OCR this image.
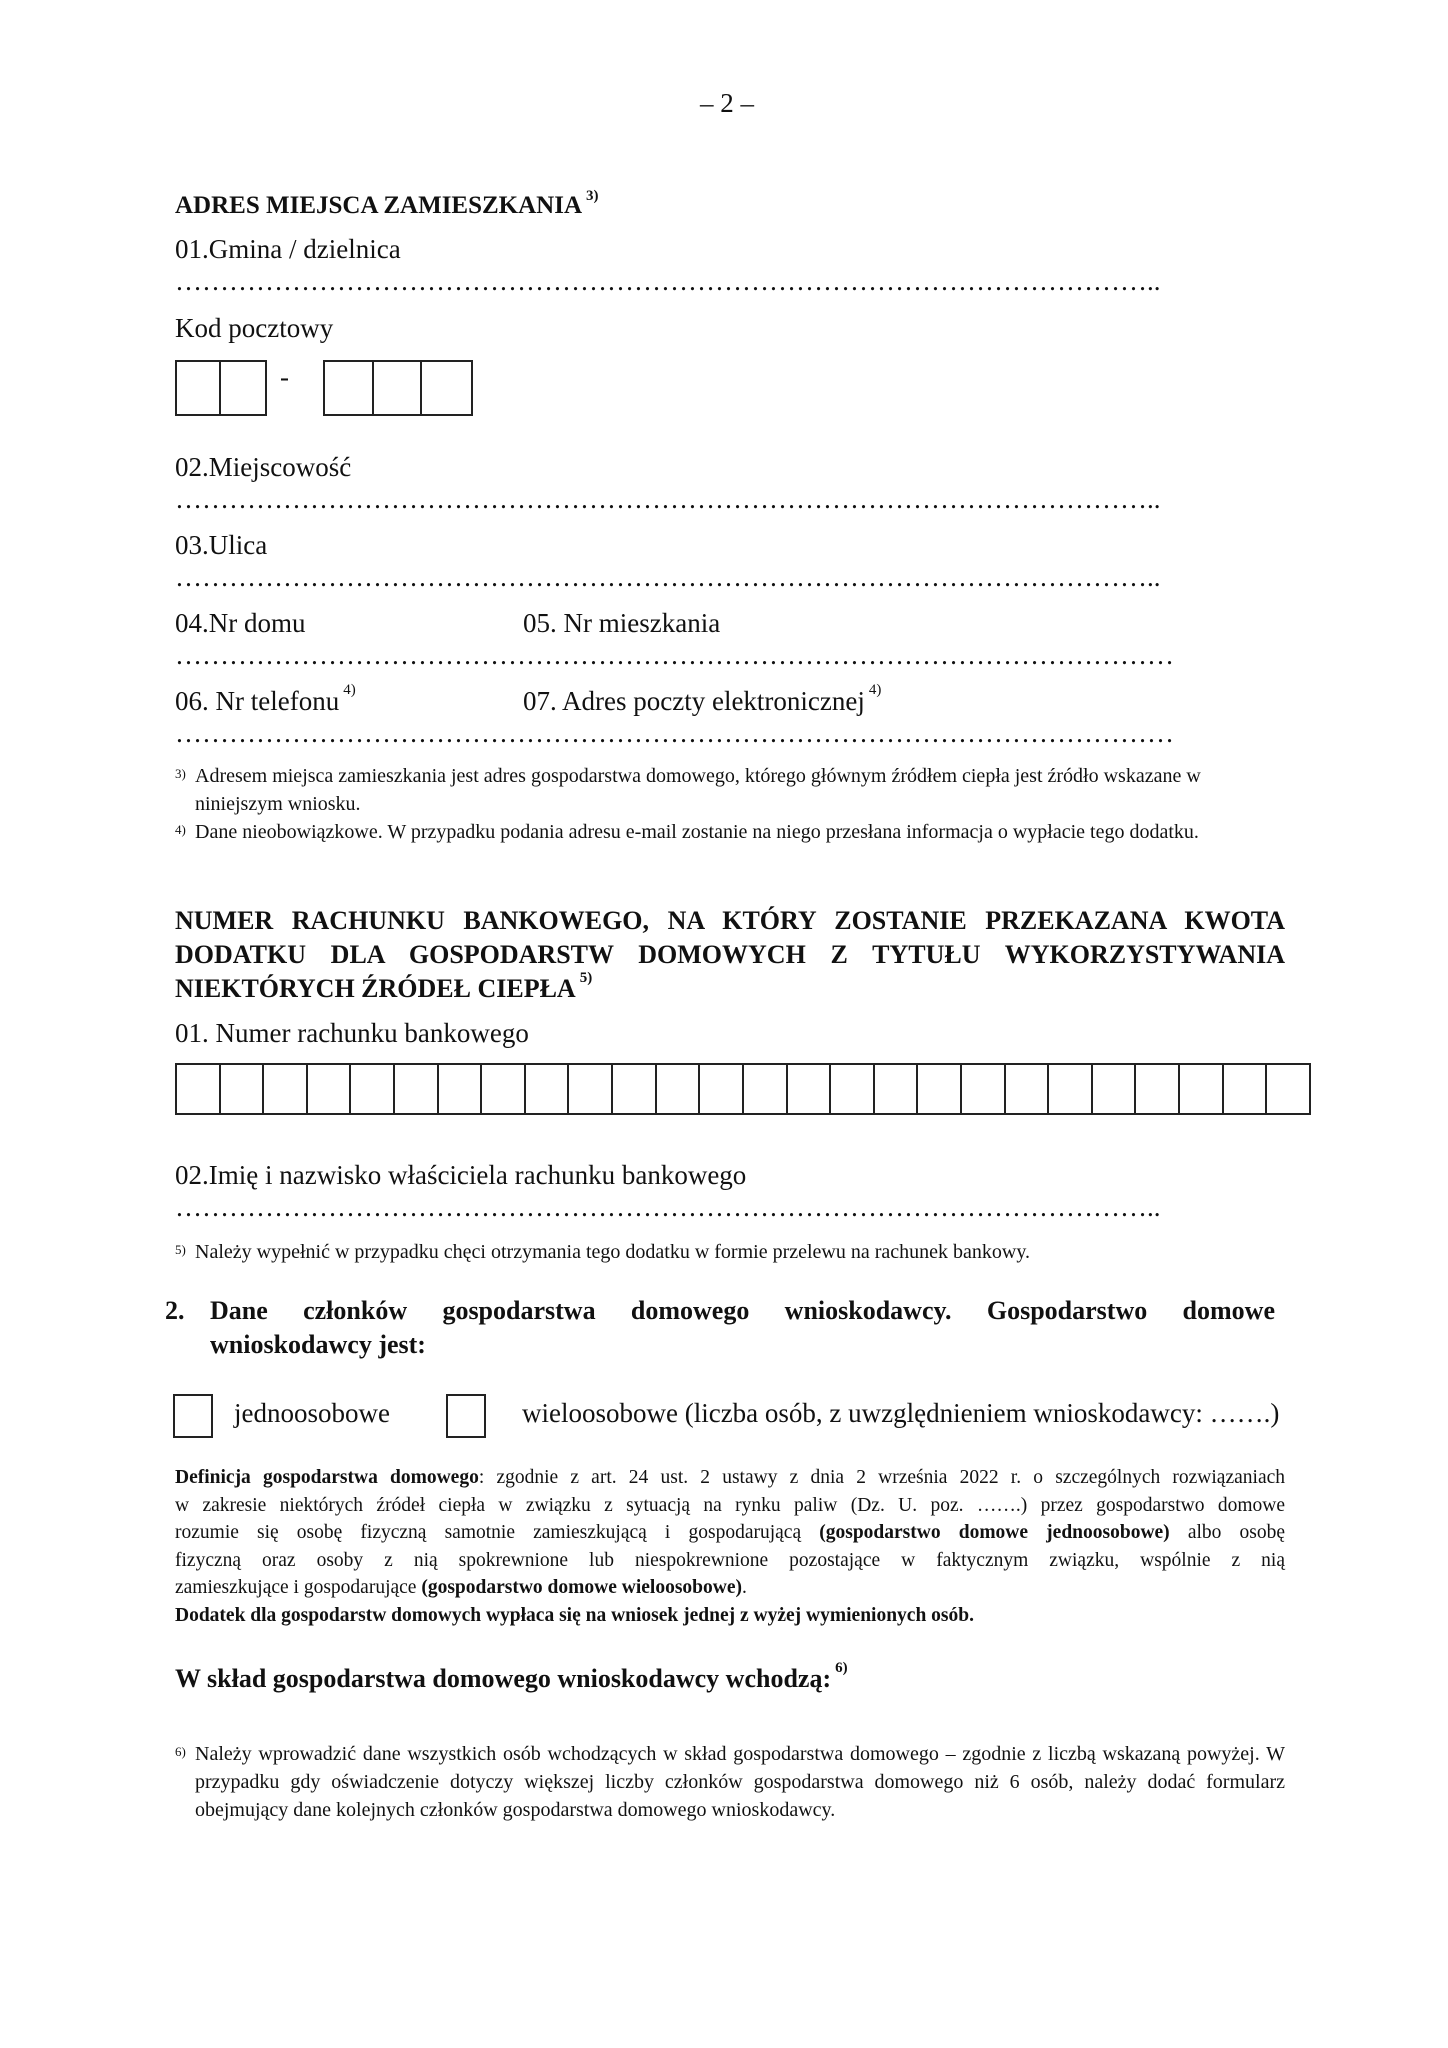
– 2 –
ADRES MIEJSCA ZAMIESZKANIA $^{3)}$
01.Gmina / dzielnica
………………………………………………………………………………………………..
Kod pocztowy
-
02.Miejscowość
………………………………………………………………………………………………..
03.Ulica
………………………………………………………………………………………………..
04.Nr domu	05. Nr mieszkania
…………………………………………………………………………………………………
06. Nr telefonu $^{4)}$	07. Adres poczty elektronicznej $^{4)}$
…………………………………………………………………………………………………
3) Adresem miejsca zamieszkania jest adres gospodarstwa domowego, którego głównym źródłem ciepła jest źródło wskazane w niniejszym wniosku.
4) Dane nieobowiązkowe. W przypadku podania adresu e-mail zostanie na niego przesłana informacja o wypłacie tego dodatku.
NUMER RACHUNKU BANKOWEGO, NA KTÓRY ZOSTANIE PRZEKAZANA KWOTA
DODATKU DLA GOSPODARSTW DOMOWYCH Z TYTUŁU WYKORZYSTYWANIA
NIEKTÓRYCH ŹRÓDEŁ CIEPŁA $^{5)}$
01. Numer rachunku bankowego
02.Imię i nazwisko właściciela rachunku bankowego
………………………………………………………………………………………………..
5) Należy wypełnić w przypadku chęci otrzymania tego dodatku w formie przelewu na rachunek bankowy.
2. Dane członków gospodarstwa domowego wnioskodawcy. Gospodarstwo domowe
wnioskodawcy jest:
jednoosobowe	wieloosobowe (liczba osób, z uwzględnieniem wnioskodawcy: …….)
Definicja gospodarstwa domowego: zgodnie z art. 24 ust. 2 ustawy z dnia 2 września 2022 r. o szczególnych rozwiązaniach
w zakresie niektórych źródeł ciepła w związku z sytuacją na rynku paliw (Dz. U. poz. …….) przez gospodarstwo domowe
rozumie się osobę fizyczną samotnie zamieszkującą i gospodarującą (gospodarstwo domowe jednoosobowe) albo osobę
fizyczną oraz osoby z nią spokrewnione lub niespokrewnione pozostające w faktycznym związku, wspólnie z nią
zamieszkujące i gospodarujące (gospodarstwo domowe wieloosobowe).
Dodatek dla gospodarstw domowych wypłaca się na wniosek jednej z wyżej wymienionych osób.
W skład gospodarstwa domowego wnioskodawcy wchodzą: $^{6)}$
6) Należy wprowadzić dane wszystkich osób wchodzących w skład gospodarstwa domowego – zgodnie z liczbą wskazaną powyżej. W przypadku gdy oświadczenie dotyczy większej liczby członków gospodarstwa domowego niż 6 osób, należy dodać formularz obejmujący dane kolejnych członków gospodarstwa domowego wnioskodawcy.
